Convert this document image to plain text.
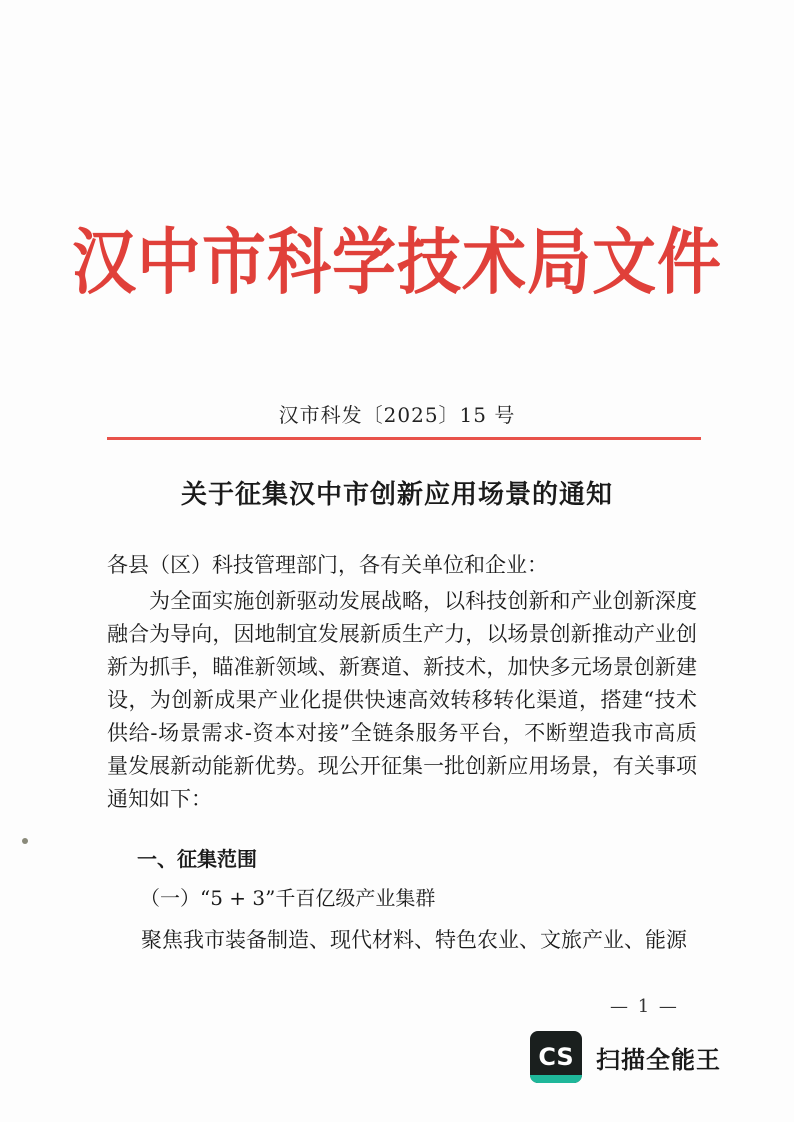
汉中市科学技术局文件
汉市科发〔2025〕15 号
关于征集汉中市创新应用场景的通知
各县（区）科技管理部门，各有关单位和企业：
为全面实施创新驱动发展战略，以科技创新和产业创新深度融合为导向，因地制宜发展新质生产力，以场景创新推动产业创新为抓手，瞄准新领域、新赛道、新技术，加快多元场景创新建设，为创新成果产业化提供快速高效转移转化渠道，搭建“技术供给-场景需求-资本对接”全链条服务平台，不断塑造我市高质量发展新动能新优势。现公开征集一批创新应用场景，有关事项通知如下：
一、征集范围
（一）“5 + 3”千百亿级产业集群
聚焦我市装备制造、现代材料、特色农业、文旅产业、能源
— 1 —
CS 扫描全能王
